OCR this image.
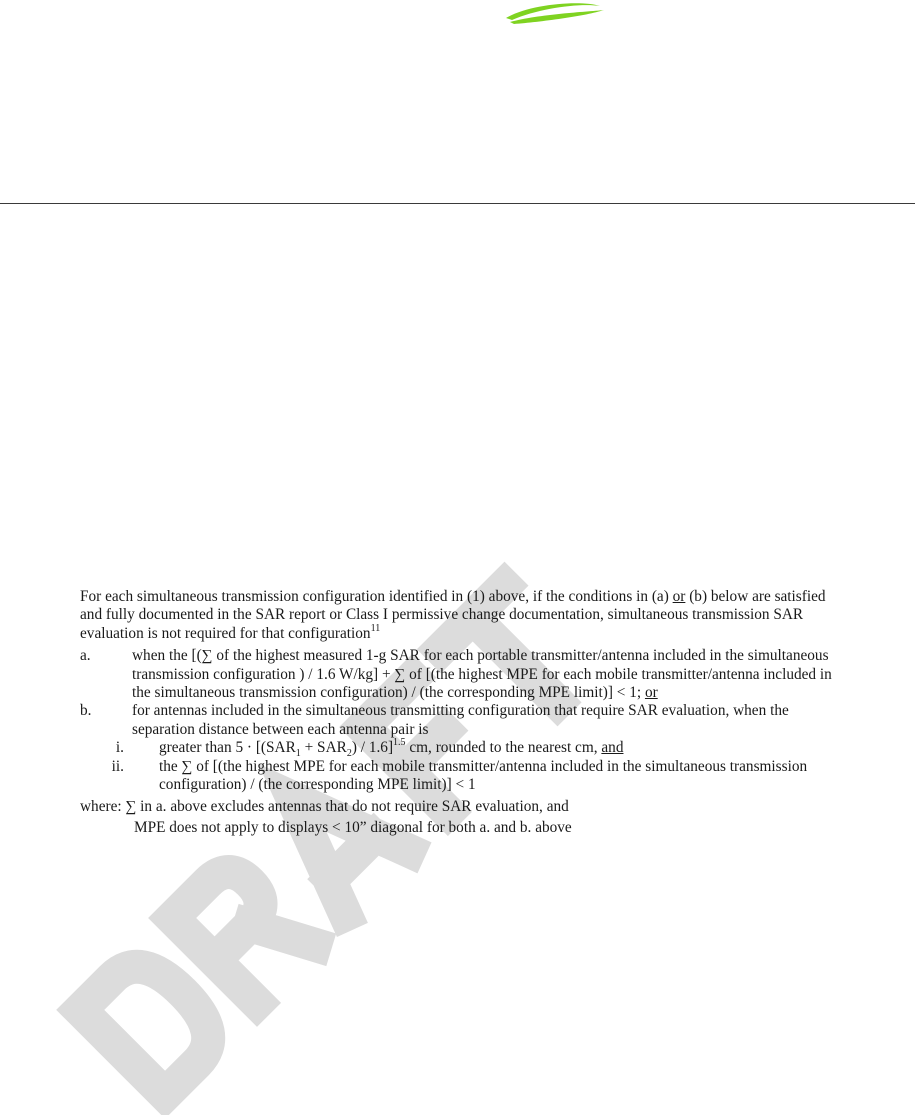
For each simultaneous transmission configuration identified in (1) above, if the conditions in (a) or (b) below are satisfied and fully documented in the SAR report or Class I permissive change documentation, simultaneous transmission SAR evaluation is not required for that configuration$^{11}$

a.	when the [(∑ of the highest measured 1-g SAR for each portable transmitter/antenna included in the simultaneous transmission configuration ) / 1.6 W/kg] + ∑ of [(the highest MPE for each mobile transmitter/antenna included in the simultaneous transmission configuration) / (the corresponding MPE limit)] < 1; or
b.	for antennas included in the simultaneous transmitting configuration that require SAR evaluation, when the separation distance between each antenna pair is
i.	greater than $5 \cdot [(SAR_1 + SAR_2) / 1.6]^{1.5}$ cm, rounded to the nearest cm, and
ii.	the ∑ of [(the highest MPE for each mobile transmitter/antenna included in the simultaneous transmission configuration) / (the corresponding MPE limit)] < 1
where: ∑ in a. above excludes antennas that do not require SAR evaluation, and
MPE does not apply to displays < 10” diagonal for both a. and b. above
